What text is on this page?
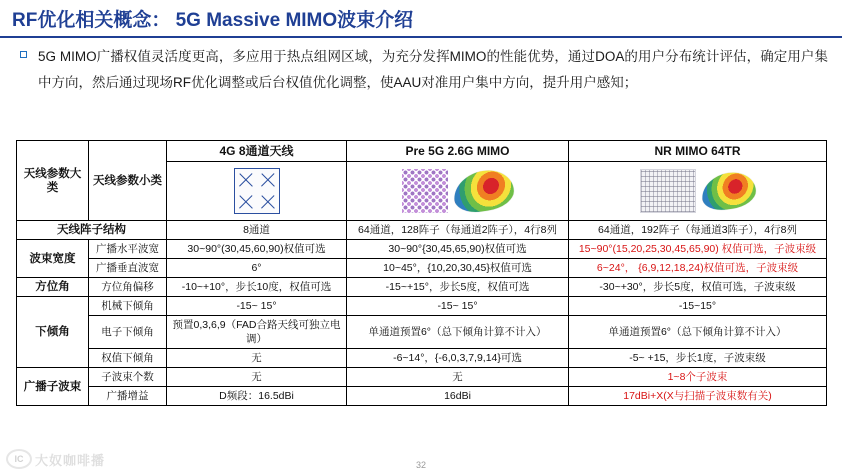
RF优化相关概念： 5G Massive MIMO波束介绍
5G MIMO广播权值灵活度更高，多应用于热点组网区域，为充分发挥MIMO的性能优势，通过DOA的用户分布统计评估，确定用户集中方向，然后通过现场RF优化调整或后台权值优化调整，使AAU对准用户集中方向，提升用户感知；
天线参数大类	天线参数小类	4G 8通道天线	Pre 5G 2.6G MIMO	NR MIMO 64TR

天线阵子结构		8通道	64通道，128阵子（每通道2阵子），4行8列	64通道，192阵子（每通道3阵子），4行8列
波束宽度	广播水平波宽	30~90°(30,45,60,90)权值可选	30~90°{30,45,65,90)权值可选	15~90°(15,20,25,30,45,65,90) 权值可选，子波束级
	广播垂直波宽	6°	10~45°，{10,20,30,45}权值可选	6~24°， {6,9,12,18,24)权值可选，子波束级
方位角	方位角偏移	-10~+10°，步长10度，权值可选	-15~+15°，步长5度，权值可选	-30~+30°，步长5度，权值可选，子波束级
下倾角	机械下倾角	-15~ 15°	-15~ 15°	-15~15°
	电子下倾角	预置0,3,6,9（FAD合路天线可独立电调）	单通道预置6°（总下倾角计算不计入）	单通道预置6°（总下倾角计算不计入）
	权值下倾角	无	-6~14°，{-6,0,3,7,9,14}可选	-5~ +15，步长1度，子波束级
广播子波束	子波束个数	无	无	1~8个子波束
	广播增益	D频段：16.5dBi	16dBi	17dBi+X(X与扫描子波束数有关)
IC 大奴咖啡播	32
